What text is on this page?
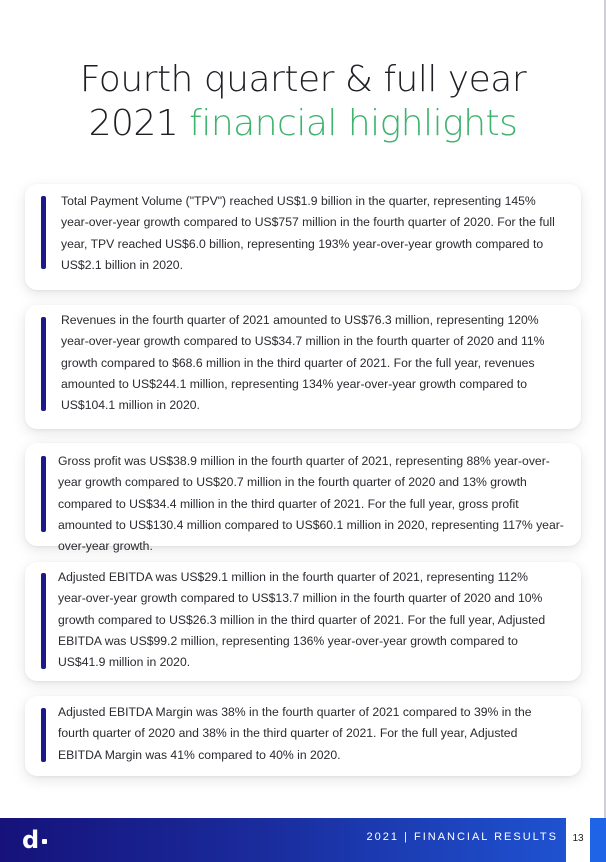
Fourth quarter & full year
2021 financial highlights
Total Payment Volume ("TPV") reached US$1.9 billion in the quarter, representing 145% year-over-year growth compared to US$757 million in the fourth quarter of 2020. For the full year, TPV reached US$6.0 billion, representing 193% year-over-year growth compared to US$2.1 billion in 2020.
Revenues in the fourth quarter of 2021 amounted to US$76.3 million, representing 120% year-over-year growth compared to US$34.7 million in the fourth quarter of 2020 and 11% growth compared to $68.6 million in the third quarter of 2021. For the full year, revenues amounted to US$244.1 million, representing 134% year-over-year growth compared to US$104.1 million in 2020.
Gross profit was US$38.9 million in the fourth quarter of 2021, representing 88% year-over-year growth compared to US$20.7 million in the fourth quarter of 2020 and 13% growth compared to US$34.4 million in the third quarter of 2021. For the full year, gross profit amounted to US$130.4 million compared to US$60.1 million in 2020, representing 117% year-over-year growth.
Adjusted EBITDA was US$29.1 million in the fourth quarter of 2021, representing 112% year-over-year growth compared to US$13.7 million in the fourth quarter of 2020 and 10% growth compared to US$26.3 million in the third quarter of 2021. For the full year, Adjusted EBITDA was US$99.2 million, representing 136% year-over-year growth compared to US$41.9 million in 2020.
Adjusted EBITDA Margin was 38% in the fourth quarter of 2021 compared to 39% in the fourth quarter of 2020 and 38% in the third quarter of 2021. For the full year, Adjusted EBITDA Margin was 41% compared to 40% in 2020.
d	2021 | FINANCIAL RESULTS	13
